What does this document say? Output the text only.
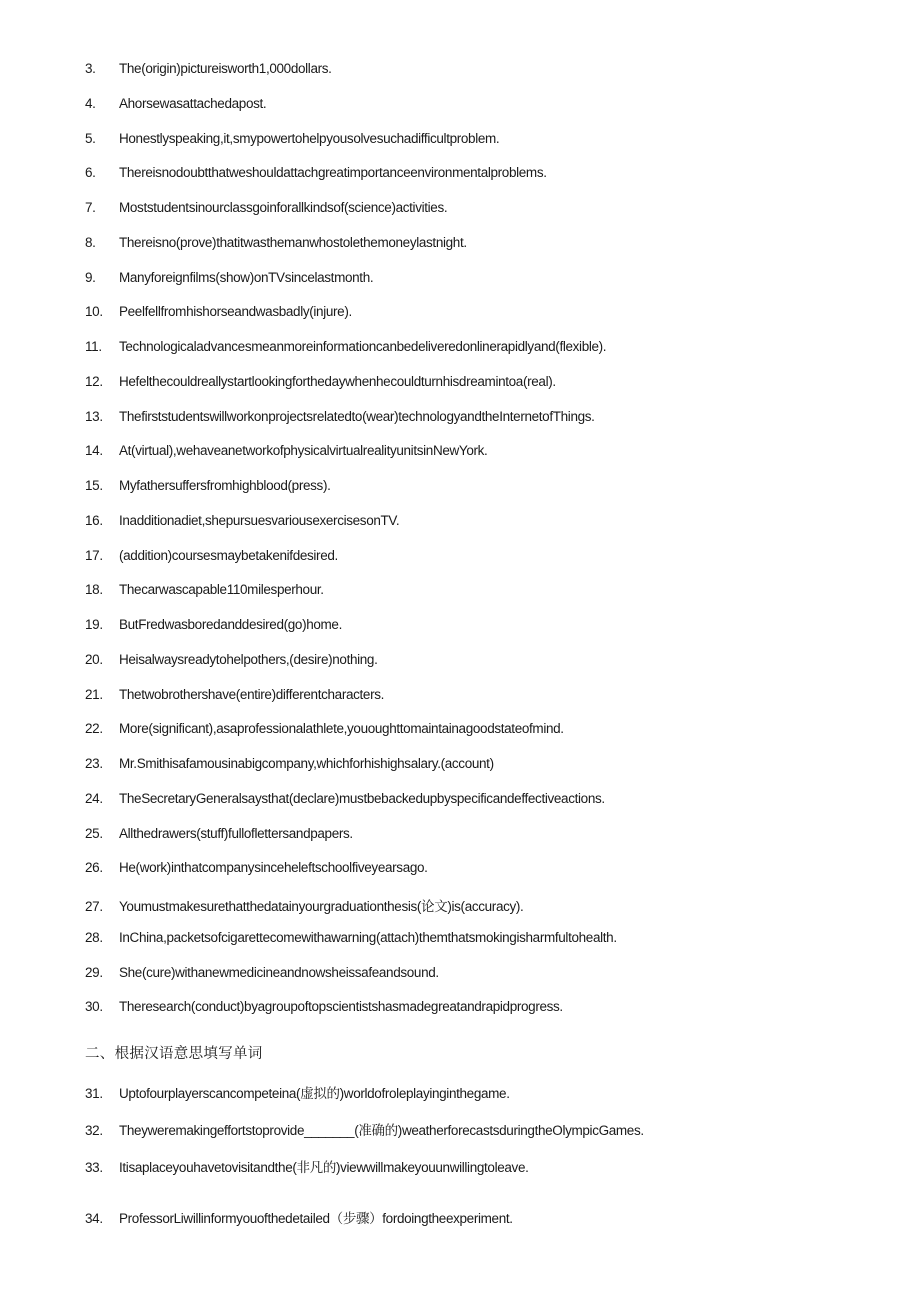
3. The(origin)pictureisworth1,000dollars.
4. Ahorsewasattachedapost.
5. Honestlyspeaking,it,smypowertohelpyousolvesuchadifficultproblem.
6. Thereisnodoubtthatweshouldattachgreatimportanceenvironmentalproblems.
7. Moststudentsinourclassgoinforallkindsof(science)activities.
8. Thereisno(prove)thatitwasthemanwhostolethemoneylastnight.
9. Manyforeignfilms(show)onTVsincelastmonth.
10. Peelfellfromhishorseandwasbadly(injure).
11. Technologicaladvancesmeanmoreinformationcanbedeliveredonlinerapidlyand(flexible).
12. Hefelthecouldreallystartlookingforthedaywhenhecouldturnhisdreamintoa(real).
13. Thefirststudentswillworkonprojectsrelatedto(wear)technologyandtheInternetofThings.
14. At(virtual),wehaveanetworkofphysicalvirtualrealityunitsinNewYork.
15. Myfathersuffersfromhighblood(press).
16. Inadditionadiet,shepursuesvariousexercisesonTV.
17. (addition)coursesmaybetakenifdesired.
18. Thecarwascapable110milesperhour.
19. ButFredwasboredanddesired(go)home.
20. Heisalwaysreadytohelpothers,(desire)nothing.
21. Thetwobrothershave(entire)differentcharacters.
22. More(significant),asaprofessionalathlete,yououghttomaintainagoodstateofmind.
23. Mr.Smithisafamousinabigcompany,whichforhishighsalary.(account)
24. TheSecretaryGeneralsaysthat(declare)mustbebackedupbyspecificandeffectiveactions.
25. Allthedrawers(stuff)fulloflettersandpapers.
26. He(work)inthatcompanysinceheleftschoolfiveyearsago.
27. Youmustmakesurethatthedatainyourgraduationthesis(论文)is(accuracy).
28. InChina,packetsofcigarettecomewithawarning(attach)themthatsmokingisharmfultohealth.
29. She(cure)withanewmedicineandnowsheissafeandsound.
30. Theresearch(conduct)byagroupoftopscientistshasmadegreatandrapidprogress.
二、根据汉语意思填写单词
31. Uptofourplayerscancompeteina(虚拟的)worldofroleplayinginthegame.
32. Theyweremakingeffortstoprovide_______(准确的)weatherforecastsduringtheOlympicGames.
33. Itisaplaceyouhavetovisitandthe(非凡的)viewwillmakeyouunwillingtoleave.
34. ProfessorLiwillinformyouofthedetailed（步骤）fordoingtheexperiment.
